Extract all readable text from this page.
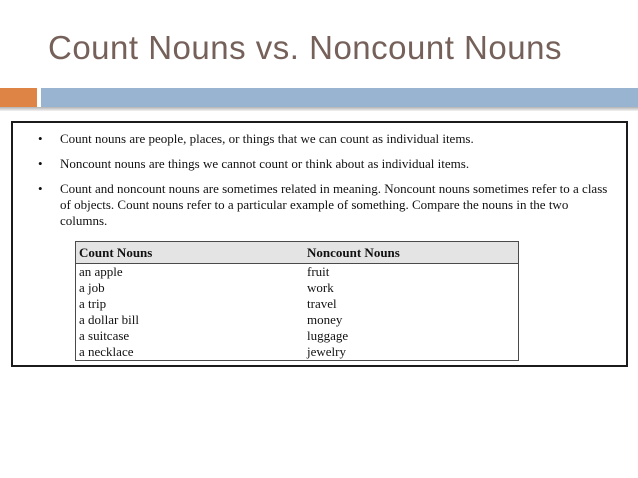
Count Nouns vs. Noncount Nouns
•	Count nouns are people, places, or things that we can count as individual items.
•	Noncount nouns are things we cannot count or think about as individual items.
•	Count and noncount nouns are sometimes related in meaning. Noncount nouns sometimes refer to a class of objects. Count nouns refer to a particular example of something. Compare the nouns in the two columns.
Count Nouns	Noncount Nouns
an apple	fruit
a job	work
a trip	travel
a dollar bill	money
a suitcase	luggage
a necklace	jewelry
